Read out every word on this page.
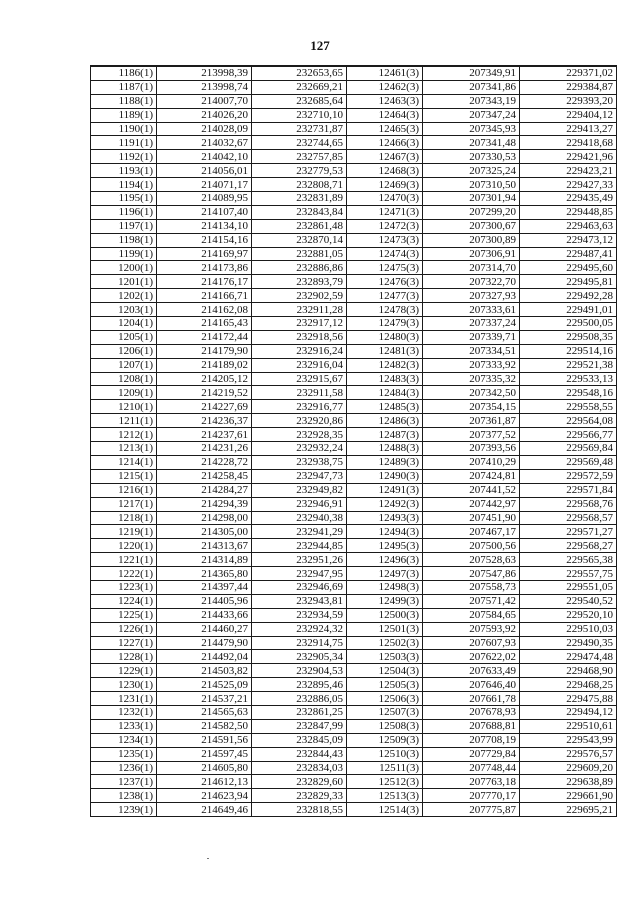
127
1186(1)	213998,39	232653,65	12461(3)	207349,91	229371,02
1187(1)	213998,74	232669,21	12462(3)	207341,86	229384,87
1188(1)	214007,70	232685,64	12463(3)	207343,19	229393,20
1189(1)	214026,20	232710,10	12464(3)	207347,24	229404,12
1190(1)	214028,09	232731,87	12465(3)	207345,93	229413,27
1191(1)	214032,67	232744,65	12466(3)	207341,48	229418,68
1192(1)	214042,10	232757,85	12467(3)	207330,53	229421,96
1193(1)	214056,01	232779,53	12468(3)	207325,24	229423,21
1194(1)	214071,17	232808,71	12469(3)	207310,50	229427,33
1195(1)	214089,95	232831,89	12470(3)	207301,94	229435,49
1196(1)	214107,40	232843,84	12471(3)	207299,20	229448,85
1197(1)	214134,10	232861,48	12472(3)	207300,67	229463,63
1198(1)	214154,16	232870,14	12473(3)	207300,89	229473,12
1199(1)	214169,97	232881,05	12474(3)	207306,91	229487,41
1200(1)	214173,86	232886,86	12475(3)	207314,70	229495,60
1201(1)	214176,17	232893,79	12476(3)	207322,70	229495,81
1202(1)	214166,71	232902,59	12477(3)	207327,93	229492,28
1203(1)	214162,08	232911,28	12478(3)	207333,61	229491,01
1204(1)	214165,43	232917,12	12479(3)	207337,24	229500,05
1205(1)	214172,44	232918,56	12480(3)	207339,71	229508,35
1206(1)	214179,90	232916,24	12481(3)	207334,51	229514,16
1207(1)	214189,02	232916,04	12482(3)	207333,92	229521,38
1208(1)	214205,12	232915,67	12483(3)	207335,32	229533,13
1209(1)	214219,52	232911,58	12484(3)	207342,50	229548,16
1210(1)	214227,69	232916,77	12485(3)	207354,15	229558,55
1211(1)	214236,37	232920,86	12486(3)	207361,87	229564,08
1212(1)	214237,61	232928,35	12487(3)	207377,52	229566,77
1213(1)	214231,26	232932,24	12488(3)	207393,56	229569,84
1214(1)	214228,72	232938,75	12489(3)	207410,29	229569,48
1215(1)	214258,45	232947,73	12490(3)	207424,81	229572,59
1216(1)	214284,27	232949,82	12491(3)	207441,52	229571,84
1217(1)	214294,39	232946,91	12492(3)	207442,97	229568,76
1218(1)	214298,00	232940,38	12493(3)	207451,90	229568,57
1219(1)	214305,00	232941,29	12494(3)	207467,17	229571,27
1220(1)	214313,67	232944,85	12495(3)	207500,56	229568,27
1221(1)	214314,89	232951,26	12496(3)	207528,63	229565,38
1222(1)	214365,80	232947,95	12497(3)	207547,86	229557,75
1223(1)	214397,44	232946,69	12498(3)	207558,73	229551,05
1224(1)	214405,96	232943,81	12499(3)	207571,42	229540,52
1225(1)	214433,66	232934,59	12500(3)	207584,65	229520,10
1226(1)	214460,27	232924,32	12501(3)	207593,92	229510,03
1227(1)	214479,90	232914,75	12502(3)	207607,93	229490,35
1228(1)	214492,04	232905,34	12503(3)	207622,02	229474,48
1229(1)	214503,82	232904,53	12504(3)	207633,49	229468,90
1230(1)	214525,09	232895,46	12505(3)	207646,40	229468,25
1231(1)	214537,21	232886,05	12506(3)	207661,78	229475,88
1232(1)	214565,63	232861,25	12507(3)	207678,93	229494,12
1233(1)	214582,50	232847,99	12508(3)	207688,81	229510,61
1234(1)	214591,56	232845,09	12509(3)	207708,19	229543,99
1235(1)	214597,45	232844,43	12510(3)	207729,84	229576,57
1236(1)	214605,80	232834,03	12511(3)	207748,44	229609,20
1237(1)	214612,13	232829,60	12512(3)	207763,18	229638,89
1238(1)	214623,94	232829,33	12513(3)	207770,17	229661,90
1239(1)	214649,46	232818,55	12514(3)	207775,87	229695,21
